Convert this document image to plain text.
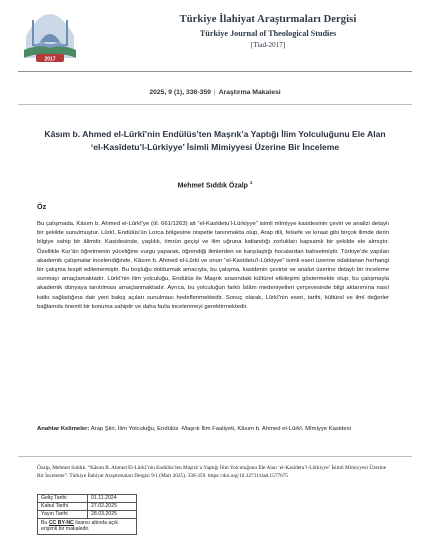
2017
Türkiye İlahiyat Araştırmaları Dergisi
Türkiye Journal of Theological Studies
[Tiad-2017]
2025, 9 (1), 336-359 | Araştırma Makalesi
Kâsım b. Ahmed el-Lûrkî’nin Endülüs’ten Maşrık’a Yaptığı İlim Yolculuğunu Ele Alan ‘el-Kasîdetu’l-Lûrkiyye’ İsimli Mimiyyesi Üzerine Bir İnceleme
Mehmet Sıddık Özalp $^1$
Öz
Bu çalışmada, Kâsım b. Ahmed el-Lûrkî’ye (öl. 661/1263) ait “el-Kasîdetu’l-Lûrkiyye” isimli mîmiyye kasidesinin çeviri ve analizi detaylı bir şekilde sunulmuştur. Lûrkî, Endülüs’ün Lorca bölgesine nispetle tanınmakta olup, Arap dili, felsefe ve kıraat gibi birçok ilimde derin bilgiye sahip bir âlimdir. Kasidesinde, yaşlılık, ömrün geçişi ve ilim uğruna katlandığı zorlukları kapsamlı bir şekilde ele almıştır. Özellikle Kur’ân öğretmenin yüceliğine vurgu yaparak, öğrendiği ilimlerden ve karşılaştığı hocalardan bahsetmiştir. Türkiye’de yapılan akademik çalışmalar incelendiğinde, Kâsım b. Ahmed el-Lûrkî ve onun “el-Kasîdetu’l-Lûrkiyye” isimli eseri üzerine odaklanan herhangi bir çalışma tespit edilememiştir. Bu boşluğu doldurmak amacıyla, bu çalışma, kasidenin çevirisi ve analizi üzerine detaylı bir inceleme sunmayı amaçlamaktadır. Lûrkî’nin ilim yolculuğu, Endülüs ile Maşrık arasındaki kültürel etkileşimi göstermekte olup, bu çalışmayla akademik dünyaya tanıtılması amaçlanmaktadır. Ayrıca, bu yolculuğun farklı İslâm medeniyetleri çerçevesinde bilgi aktarımına nasıl katkı sağladığına dair yeni bakış açıları sunulması hedeflenmektedir. Sonuç olarak, Lûrkî’nin eseri, tarihi, kültürel ve ilmî değerler bağlamda önemli bir konuma sahiptir ve daha fazla incelenmeyi gerektirmektedir.
Anahtar Kelimeler: Arap Şiiri, İlim Yolculuğu, Endülüs -Maşrık İlim Faaliyeti, Kâsım b. Ahmed el-Lûrkî, Mîmiyye Kasidesi
Özalp, Mehmet Sıddık. “Kâsım B. Ahmed El-Lûrkî’nin Endülüs’ten Maşrık’a Yaptığı İlim Yolculuğunu Ele Alan ‘el-Kasîdetu’l-Lûrkiyye’ İsimli Mimiyyesi Üzerine Bir İnceleme”. Türkiye İlahiyat Araştırmaları Dergisi 9/1 (Mart 2025), 336-359. https://doi.org/10.32711/tiad.1577675
Geliş Tarihi	01.11.2024
Kabul Tarihi	27.02.2025
Yayın Tarihi	28.03.2025
Bu CC BY-NC lisansı altında açık erişimli bir makaledir.
